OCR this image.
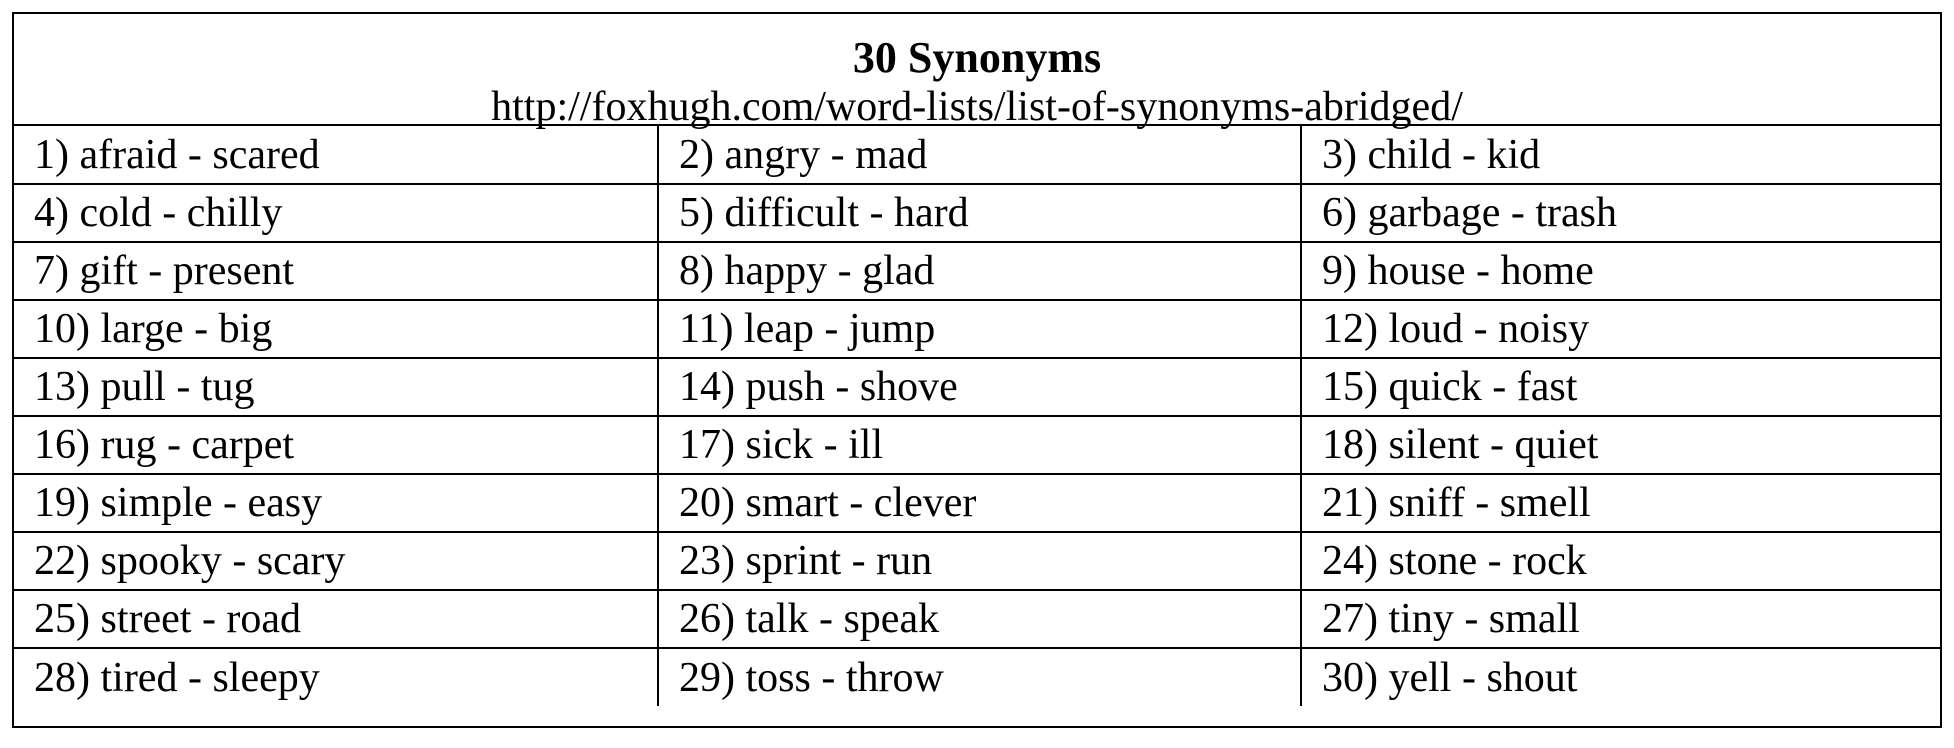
30 Synonyms
http://foxhugh.com/word-lists/list-of-synonyms-abridged/
1) afraid - scared	2) angry - mad	3) child - kid
4) cold - chilly	5) difficult - hard	6) garbage - trash
7) gift - present	8) happy - glad	9) house - home
10) large - big	11) leap - jump	12) loud - noisy
13) pull - tug	14) push - shove	15) quick - fast
16) rug - carpet	17) sick - ill	18) silent - quiet
19) simple - easy	20) smart - clever	21) sniff - smell
22) spooky - scary	23) sprint - run	24) stone - rock
25) street - road	26) talk - speak	27) tiny - small
28) tired - sleepy	29) toss - throw	30) yell - shout
